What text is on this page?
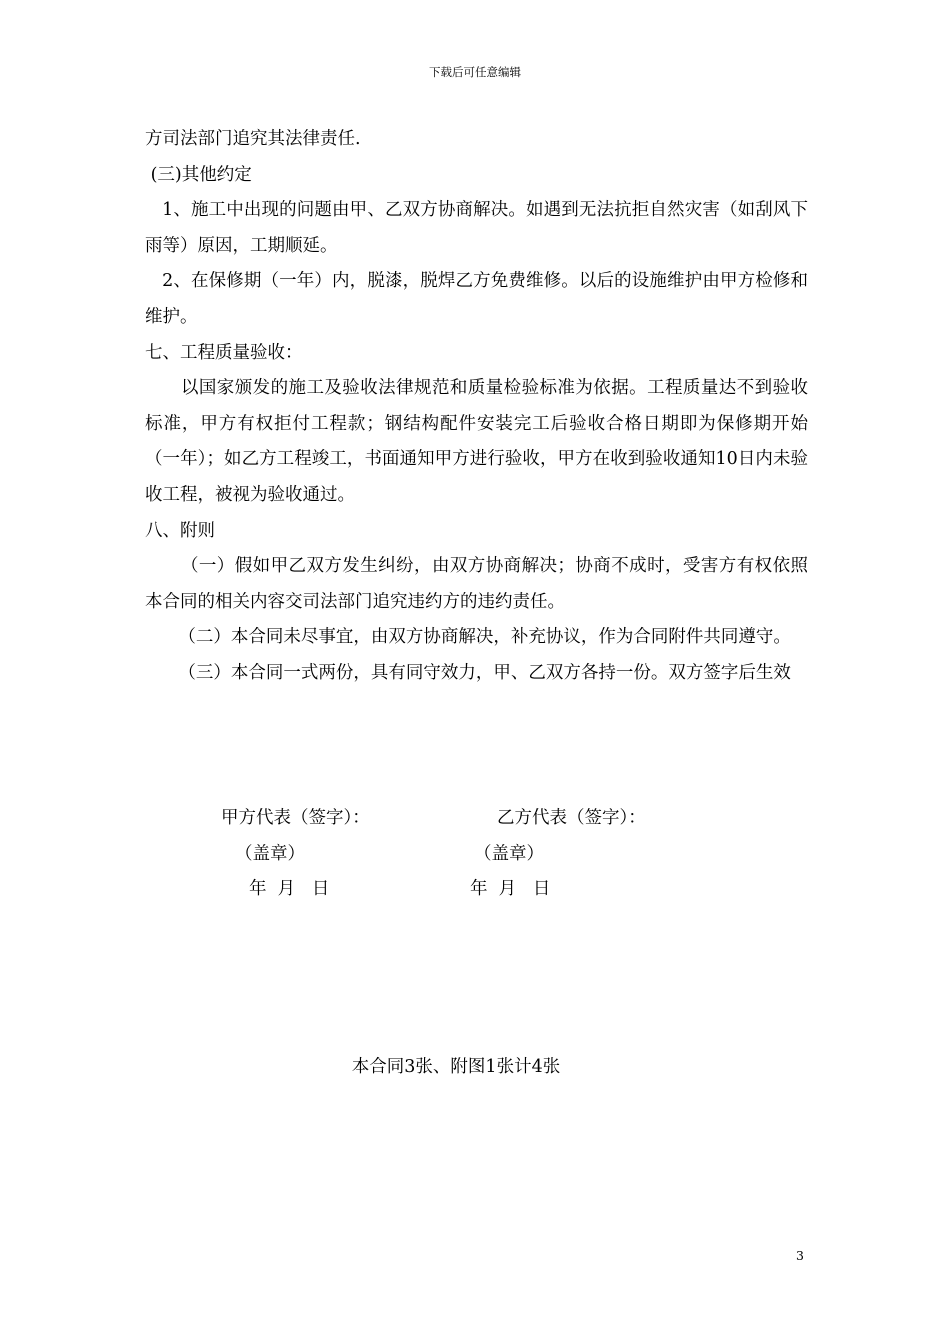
下载后可任意编辑

方司法部门追究其法律责任.

(三)其他约定

1、施工中出现的问题由甲、乙双方协商解决。如遇到无法抗拒自然灾害（如刮风下雨等）原因，工期顺延。

2、在保修期（一年）内，脱漆，脱焊乙方免费维修。以后的设施维护由甲方检修和维护。

七、工程质量验收：

以国家颁发的施工及验收法律规范和质量检验标准为依据。工程质量达不到验收标准，甲方有权拒付工程款；钢结构配件安装完工后验收合格日期即为保修期开始（一年）；如乙方工程竣工，书面通知甲方进行验收，甲方在收到验收通知10日内未验收工程，被视为验收通过。

八、附则

（一）假如甲乙双方发生纠纷，由双方协商解决；协商不成时，受害方有权依照本合同的相关内容交司法部门追究违约方的违约责任。

（二）本合同未尽事宜，由双方协商解决，补充协议，作为合同附件共同遵守。

（三）本合同一式两份，具有同守效力，甲、乙双方各持一份。双方签字后生效

甲方代表（签字）：
（盖章）
年  月   日
乙方代表（签字）：
（盖章）
年  月   日
本合同3张、附图1张计4张
3
